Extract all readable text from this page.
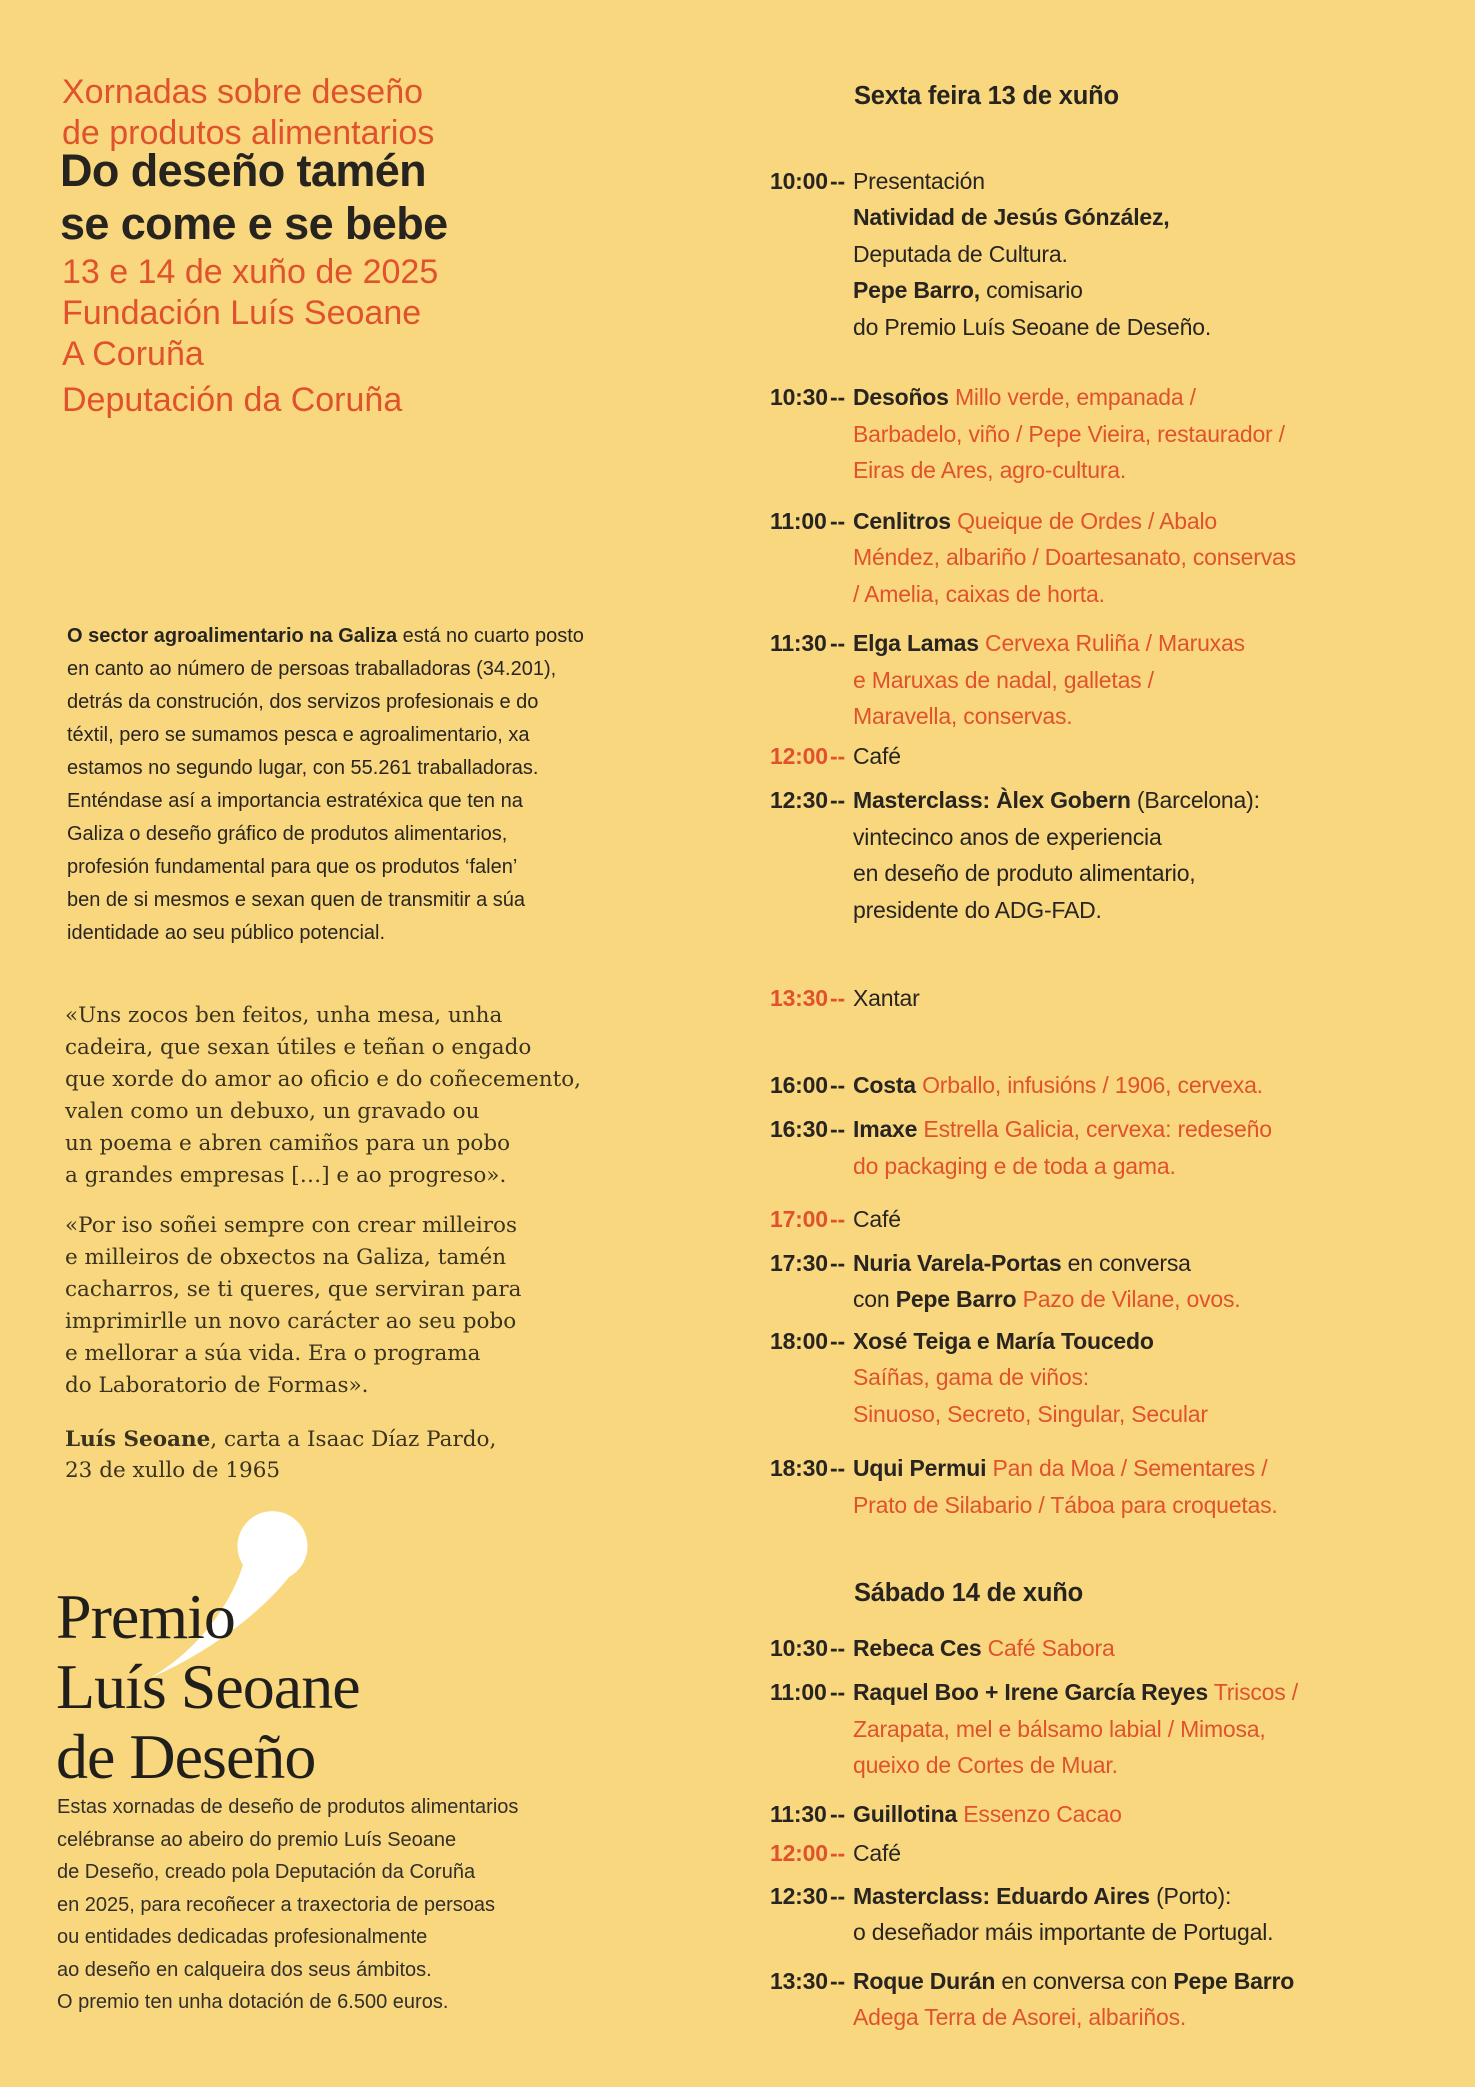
Xornadas sobre deseño
de produtos alimentarios
Do deseño tamén
se come e se bebe
13 e 14 de xuño de 2025
Fundación Luís Seoane
A Coruña
Deputación da Coruña
O sector agroalimentario na Galiza está no cuarto posto
en canto ao número de persoas traballadoras (34.201),
detrás da construción, dos servizos profesionais e do
téxtil, pero se sumamos pesca e agroalimentario, xa
estamos no segundo lugar, con 55.261 traballadoras.
Enténdase así a importancia estratéxica que ten na
Galiza o deseño gráfico de produtos alimentarios,
profesión fundamental para que os produtos ‘falen’
ben de si mesmos e sexan quen de transmitir a súa
identidade ao seu público potencial.
«Uns zocos ben feitos, unha mesa, unha
cadeira, que sexan útiles e teñan o engado
que xorde do amor ao oficio e do coñecemento,
valen como un debuxo, un gravado ou
un poema e abren camiños para un pobo
a grandes empresas […] e ao progreso».
«Por iso soñei sempre con crear milleiros
e milleiros de obxectos na Galiza, tamén
cacharros, se ti queres, que serviran para
imprimirlle un novo carácter ao seu pobo
e mellorar a súa vida. Era o programa
do Laboratorio de Formas».
Luís Seoane, carta a Isaac Díaz Pardo,
23 de xullo de 1965
Premio
Luís Seoane
de Deseño
Estas xornadas de deseño de produtos alimentarios
celébranse ao abeiro do premio Luís Seoane
de Deseño, creado pola Deputación da Coruña
en 2025, para recoñecer a traxectoria de persoas
ou entidades dedicadas profesionalmente
ao deseño en calqueira dos seus ámbitos.
O premio ten unha dotación de 6.500 euros.
Sexta feira 13 de xuño
10:00 -- Presentación
Natividad de Jesús Gónzález,
Deputada de Cultura.
Pepe Barro, comisario
do Premio Luís Seoane de Deseño.
10:30 -- Desoños Millo verde, empanada /
Barbadelo, viño / Pepe Vieira, restaurador /
Eiras de Ares, agro-cultura.
11:00 -- Cenlitros Queique de Ordes / Abalo
Méndez, albariño / Doartesanato, conservas
/ Amelia, caixas de horta.
11:30 -- Elga Lamas Cervexa Ruliña / Maruxas
e Maruxas de nadal, galletas /
Maravella, conservas.
12:00 -- Café
12:30 -- Masterclass: Àlex Gobern (Barcelona):
vintecinco anos de experiencia
en deseño de produto alimentario,
presidente do ADG-FAD.
13:30 -- Xantar
16:00 -- Costa Orballo, infusións / 1906, cervexa.
16:30 -- Imaxe Estrella Galicia, cervexa: redeseño
do packaging e de toda a gama.
17:00 -- Café
17:30 -- Nuria Varela-Portas en conversa
con Pepe Barro Pazo de Vilane, ovos.
18:00 -- Xosé Teiga e María Toucedo
Saíñas, gama de viños:
Sinuoso, Secreto, Singular, Secular
18:30 -- Uqui Permui Pan da Moa / Sementares /
Prato de Silabario / Táboa para croquetas.
Sábado 14 de xuño
10:30 -- Rebeca Ces Café Sabora
11:00 -- Raquel Boo + Irene García Reyes Triscos /
Zarapata, mel e bálsamo labial / Mimosa,
queixo de Cortes de Muar.
11:30 -- Guillotina Essenzo Cacao
12:00 -- Café
12:30 -- Masterclass: Eduardo Aires (Porto):
o deseñador máis importante de Portugal.
13:30 -- Roque Durán en conversa con Pepe Barro
Adega Terra de Asorei, albariños.
